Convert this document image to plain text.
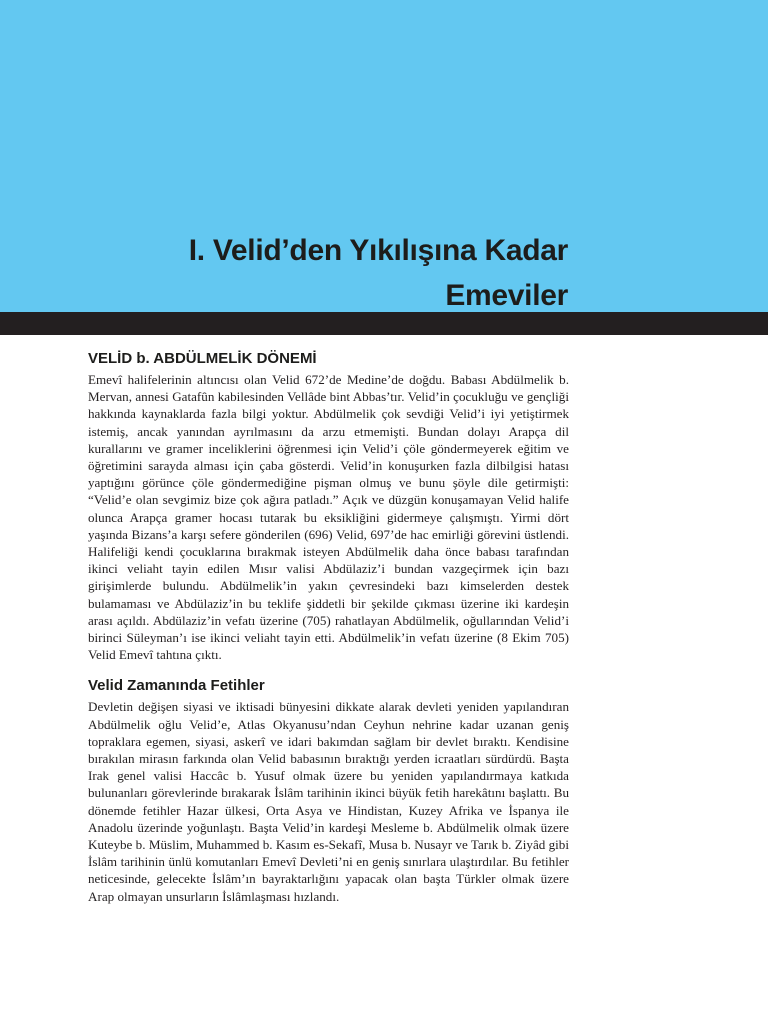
I. Velid’den Yıkılışına Kadar
Emeviler
VELİD b. ABDÜLMELİK DÖNEMİ

Emevî halifelerinin altıncısı olan Velid 672’de Medine’de doğdu. Babası Abdülmelik b. Mervan, annesi Gatafûn kabilesinden Vellâde bint Abbas’tır. Velid’in çocukluğu ve gençliği hakkında kaynaklarda fazla bilgi yoktur. Abdülmelik çok sevdiği Velid’i iyi yetiştirmek istemiş, ancak yanından ayrılmasını da arzu etmemişti. Bundan dolayı Arapça dil kurallarını ve gramer inceliklerini öğrenmesi için Velid’i çöle göndermeyerek eğitim ve öğretimini sarayda alması için çaba gösterdi. Velid’in konuşurken fazla dilbilgisi hatası yaptığını görünce çöle göndermediğine pişman olmuş ve bunu şöyle dile getirmişti: “Velid’e olan sevgimiz bize çok ağıra patladı.” Açık ve düzgün konuşamayan Velid halife olunca Arapça gramer hocası tutarak bu eksikliğini gidermeye çalışmıştı. Yirmi dört yaşında Bizans’a karşı sefere gönderilen (696) Velid, 697’de hac emirliği görevini üstlendi. Halifeliği kendi çocuklarına bırakmak isteyen Abdülmelik daha önce babası tarafından ikinci veliaht tayin edilen Mısır valisi Abdülaziz’i bundan vazgeçirmek için bazı girişimlerde bulundu. Abdülmelik’in yakın çevresindeki bazı kimselerden destek bulamaması ve Abdülaziz’in bu teklife şiddetli bir şekilde çıkması üzerine iki kardeşin arası açıldı. Abdülaziz’in vefatı üzerine (705) rahatlayan Abdülmelik, oğullarından Velid’i birinci Süleyman’ı ise ikinci veliaht tayin etti. Abdülmelik’in vefatı üzerine (8 Ekim 705) Velid Emevî tahtına çıktı.

Velid Zamanında Fetihler

Devletin değişen siyasi ve iktisadi bünyesini dikkate alarak devleti yeniden yapılandıran Abdülmelik oğlu Velid’e, Atlas Okyanusu’ndan Ceyhun nehrine kadar uzanan geniş topraklara egemen, siyasi, askerî ve idari bakımdan sağlam bir devlet bıraktı. Kendisine bırakılan mirasın farkında olan Velid babasının bıraktığı yerden icraatları sürdürdü. Başta Irak genel valisi Haccâc b. Yusuf olmak üzere bu yeniden yapılandırmaya katkıda bulunanları görevlerinde bırakarak İslâm tarihinin ikinci büyük fetih harekâtını başlattı. Bu dönemde fetihler Hazar ülkesi, Orta Asya ve Hindistan, Kuzey Afrika ve İspanya ile Anadolu üzerinde yoğunlaştı. Başta Velid’in kardeşi Mesleme b. Abdülmelik olmak üzere Kuteybe b. Müslim, Muhammed b. Kasım es-Sekafî, Musa b. Nusayr ve Tarık b. Ziyâd gibi İslâm tarihinin ünlü komutanları Emevî Devleti’ni en geniş sınırlara ulaştırdılar. Bu fetihler neticesinde, gelecekte İslâm’ın bayraktarlığını yapacak olan başta Türkler olmak üzere Arap olmayan unsurların İslâmlaşması hızlandı.
